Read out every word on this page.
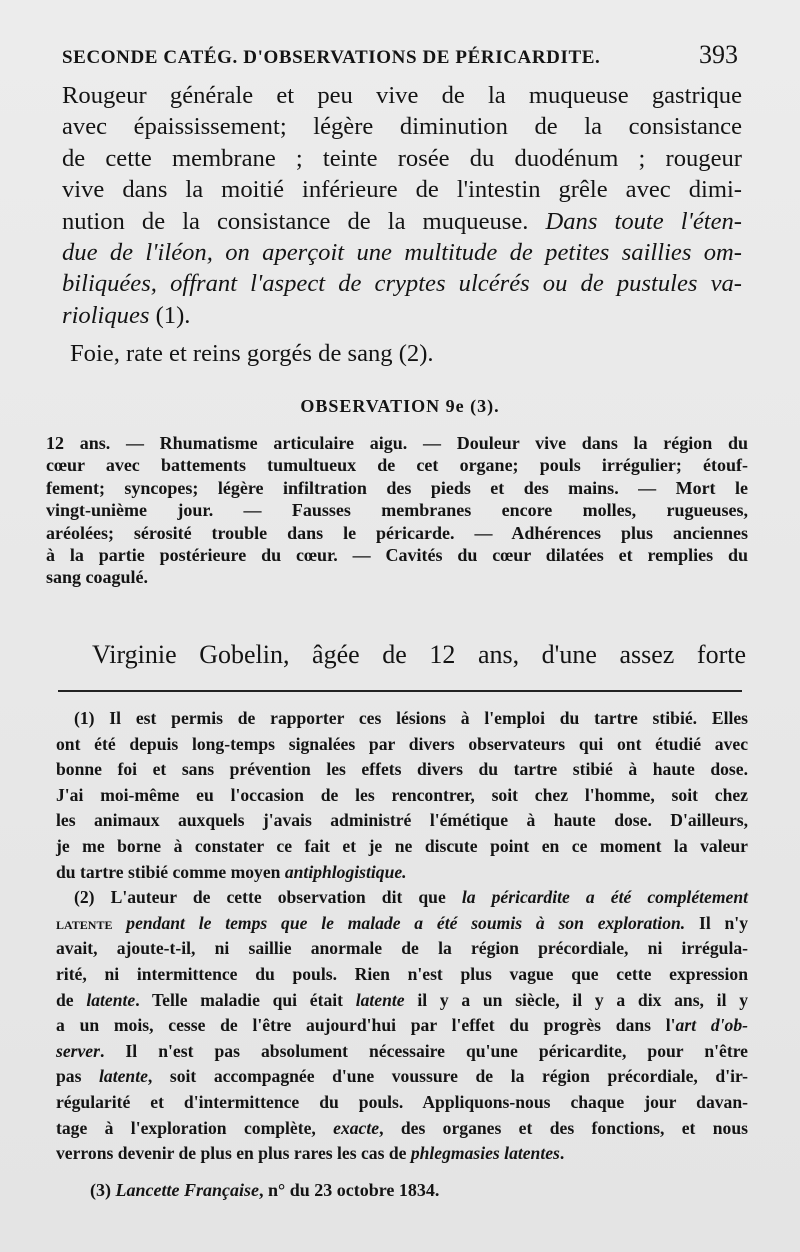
SECONDE CATÉG. D'OBSERVATIONS DE PÉRICARDITE.	393
Rougeur générale et peu vive de la muqueuse gastrique
avec épaississement; légère diminution de la consistance
de cette membrane ; teinte rosée du duodénum ; rougeur
vive dans la moitié inférieure de l'intestin grêle avec dimi-
nution de la consistance de la muqueuse. Dans toute l'éten-
due de l'iléon, on aperçoit une multitude de petites saillies om-
biliquées, offrant l'aspect de cryptes ulcérés ou de pustules va-
rioliques (1).
Foie, rate et reins gorgés de sang (2).
OBSERVATION 9e (3).
12 ans. — Rhumatisme articulaire aigu. — Douleur vive dans la région du
cœur avec battements tumultueux de cet organe; pouls irrégulier; étouf-
fement; syncopes; légère infiltration des pieds et des mains. — Mort le
vingt-unième jour. — Fausses membranes encore molles, rugueuses,
aréolées; sérosité trouble dans le péricarde. — Adhérences plus anciennes
à la partie postérieure du cœur. — Cavités du cœur dilatées et remplies du
sang coagulé.
Virginie Gobelin, âgée de 12 ans, d'une assez forte
(1) Il est permis de rapporter ces lésions à l'emploi du tartre stibié. Elles
ont été depuis long-temps signalées par divers observateurs qui ont étudié avec
bonne foi et sans prévention les effets divers du tartre stibié à haute dose.
J'ai moi-même eu l'occasion de les rencontrer, soit chez l'homme, soit chez
les animaux auxquels j'avais administré l'émétique à haute dose. D'ailleurs,
je me borne à constater ce fait et je ne discute point en ce moment la valeur
du tartre stibié comme moyen antiphlogistique.
(2) L'auteur de cette observation dit que la péricardite a été complétement
latente pendant le temps que le malade a été soumis à son exploration. Il n'y
avait, ajoute-t-il, ni saillie anormale de la région précordiale, ni irrégula-
rité, ni intermittence du pouls. Rien n'est plus vague que cette expression
de latente. Telle maladie qui était latente il y a un siècle, il y a dix ans, il y
a un mois, cesse de l'être aujourd'hui par l'effet du progrès dans l'art d'ob-
server. Il n'est pas absolument nécessaire qu'une péricardite, pour n'être
pas latente, soit accompagnée d'une voussure de la région précordiale, d'ir-
régularité et d'intermittence du pouls. Appliquons-nous chaque jour davan-
tage à l'exploration complète, exacte, des organes et des fonctions, et nous
verrons devenir de plus en plus rares les cas de phlegmasies latentes.
(3) Lancette Française, n° du 23 octobre 1834.
